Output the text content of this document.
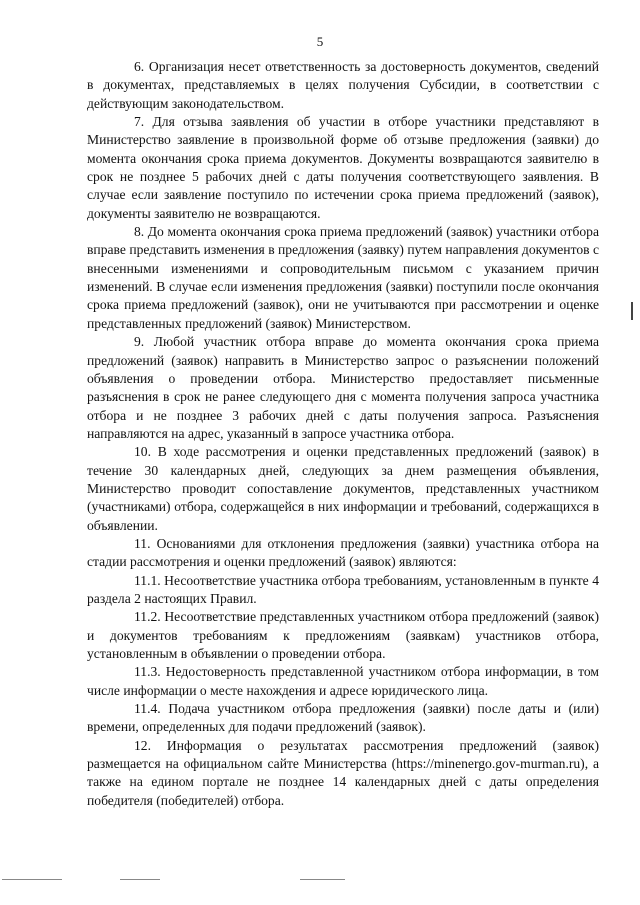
5

6. Организация несет ответственность за достоверность документов, сведений в документах, представляемых в целях получения Субсидии, в соответствии с действующим законодательством.

7. Для отзыва заявления об участии в отборе участники представляют в Министерство заявление в произвольной форме об отзыве предложения (заявки) до момента окончания срока приема документов. Документы возвращаются заявителю в срок не позднее 5 рабочих дней с даты получения соответствующего заявления. В случае если заявление поступило по истечении срока приема предложений (заявок), документы заявителю не возвращаются.

8. До момента окончания срока приема предложений (заявок) участники отбора вправе представить изменения в предложения (заявку) путем направления документов с внесенными изменениями и сопроводительным письмом с указанием причин изменений. В случае если изменения предложения (заявки) поступили после окончания срока приема предложений (заявок), они не учитываются при рассмотрении и оценке представленных предложений (заявок) Министерством.

9. Любой участник отбора вправе до момента окончания срока приема предложений (заявок) направить в Министерство запрос о разъяснении положений объявления о проведении отбора. Министерство предоставляет письменные разъяснения в срок не ранее следующего дня с момента получения запроса участника отбора и не позднее 3 рабочих дней с даты получения запроса. Разъяснения направляются на адрес, указанный в запросе участника отбора.

10. В ходе рассмотрения и оценки представленных предложений (заявок) в течение 30 календарных дней, следующих за днем размещения объявления, Министерство проводит сопоставление документов, представленных участником (участниками) отбора, содержащейся в них информации и требований, содержащихся в объявлении.

11. Основаниями для отклонения предложения (заявки) участника отбора на стадии рассмотрения и оценки предложений (заявок) являются:

11.1. Несоответствие участника отбора требованиям, установленным в пункте 4 раздела 2 настоящих Правил.

11.2. Несоответствие представленных участником отбора предложений (заявок) и документов требованиям к предложениям (заявкам) участников отбора, установленным в объявлении о проведении отбора.

11.3. Недостоверность представленной участником отбора информации, в том числе информации о месте нахождения и адресе юридического лица.

11.4. Подача участником отбора предложения (заявки) после даты и (или) времени, определенных для подачи предложений (заявок).

12. Информация о результатах рассмотрения предложений (заявок) размещается на официальном сайте Министерства (https://minenergo.gov-murman.ru), а также на едином портале не позднее 14 календарных дней с даты определения победителя (победителей) отбора.
